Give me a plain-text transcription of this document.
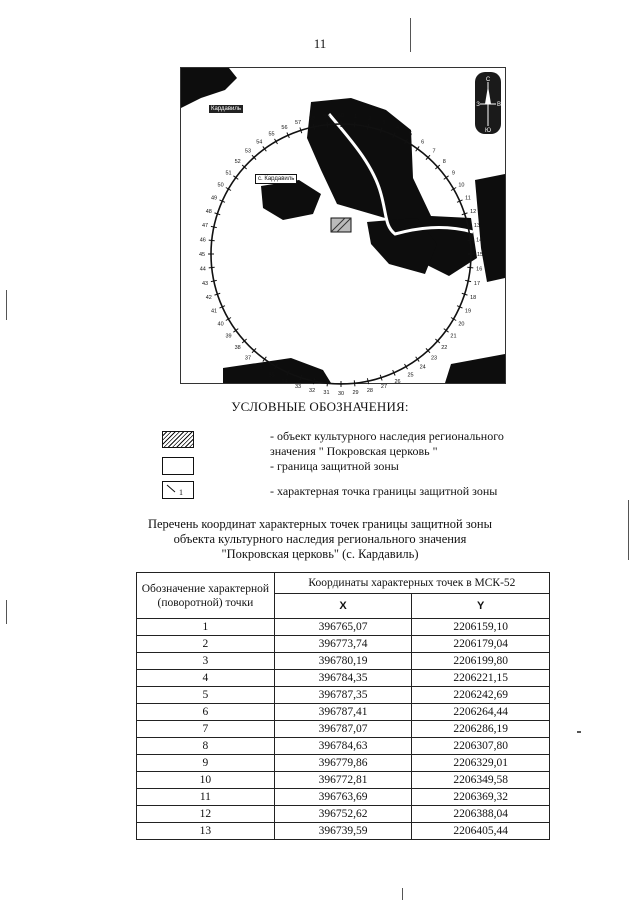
11
1 2
3
4
5
6
7
8
9
10
11
12
13
14
15
16
17
18
19
20
21
22
23
24
25
26
27
28
29
30
31
32
33
34
35
36
37
38
39
40
41
42
43
44
45
46
47
48
49
50
51
52
53
54
55
56
57
58 59 60
С
Ю
З	В
Кардавиль
с. Кардавиль
УСЛОВНЫЕ ОБОЗНАЧЕНИЯ:
- объект культурного наследия регионального
значения " Покровская церковь "
- граница защитной зоны
1	- характерная точка границы защитной зоны
Перечень координат характерных точек границы защитной зоны
объекта культурного наследия регионального значения
"Покровская церковь" (с. Кардавиль)
Обозначение характерной (поворотной) точки	Координаты характерных точек в МСК-52	
	X	Y
1	396765,07	2206159,10
2	396773,74	2206179,04
3	396780,19	2206199,80
4	396784,35	2206221,15
5	396787,35	2206242,69
6	396787,41	2206264,44
7	396787,07	2206286,19
8	396784,63	2206307,80
9	396779,86	2206329,01
10	396772,81	2206349,58
11	396763,69	2206369,32
12	396752,62	2206388,04
13	396739,59	2206405,44
